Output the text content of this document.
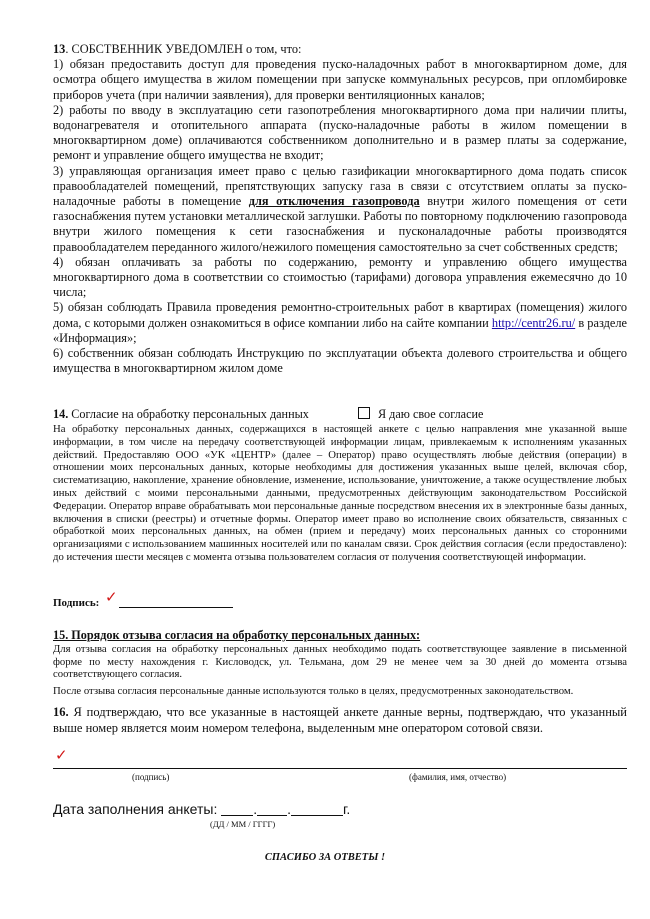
13. СОБСТВЕННИК УВЕДОМЛЕН о том, что:

1) обязан предоставить доступ для проведения пуско-наладочных работ в многоквартирном доме, для осмотра общего имущества в жилом помещении при запуске коммунальных ресурсов, при опломбировке приборов учета (при наличии заявления), для проверки вентиляционных каналов;

2) работы по вводу в эксплуатацию сети газопотребления многоквартирного дома при наличии плиты, водонагревателя и отопительного аппарата (пуско-наладочные работы в жилом помещении в многоквартирном доме) оплачиваются собственником дополнительно и в размер платы за содержание, ремонт и управление общего имущества не входит;

3) управляющая организация имеет право с целью газификации многоквартирного дома подать список правообладателей помещений, препятствующих запуску газа в связи с отсутствием оплаты за пуско-наладочные работы в помещение для отключения газопровода внутри жилого помещения от сети газоснабжения путем установки металлической заглушки. Работы по повторному подключению газопровода внутри жилого помещения к сети газоснабжения и пусконаладочные работы производятся правообладателем переданного жилого/нежилого помещения самостоятельно за счет собственных средств;

4) обязан оплачивать за работы по содержанию, ремонту и управлению общего имущества многоквартирного дома в соответствии со стоимостью (тарифами) договора управления ежемесячно до 10 числа;

5) обязан соблюдать Правила проведения ремонтно-строительных работ в квартирах (помещения) жилого дома, с которыми должен ознакомиться в офисе компании либо на сайте компании http://centr26.ru/ в разделе «Информация»;

6) собственник обязан соблюдать Инструкцию по эксплуатации объекта долевого строительства и общего имущества в многоквартирном жилом доме

14. Согласие на обработку персональных данных	Я даю свое согласие

На обработку персональных данных, содержащихся в настоящей анкете с целью направления мне указанной выше информации, в том числе на передачу соответствующей информации лицам, привлекаемым к исполнениям указанных действий. Предоставляю ООО «УК «ЦЕНТР» (далее – Оператор) право осуществлять любые действия (операции) в отношении моих персональных данных, которые необходимы для достижения указанных выше целей, включая сбор, систематизацию, накопление, хранение обновление, изменение, использование, уничтожение, а также осуществление любых иных действий с моими персональными данными, предусмотренных действующим законодательством Российской Федерации. Оператор вправе обрабатывать мои персональные данные посредством внесения их в электронные базы данных, включения в списки (реестры) и отчетные формы. Оператор имеет право во исполнение своих обязательств, связанных с обработкой моих персональных данных, на обмен (прием и передачу) моих персональных данных со сторонними организациями с использованием машинных носителей или по каналам связи. Срок действия согласия (если предоставлено): до истечения шести месяцев с момента отзыва пользователем согласия от получения соответствующей информации.

Подпись: ✓
15. Порядок отзыва согласия на обработку персональных данных:

Для отзыва согласия на обработку персональных данных необходимо подать соответствующее заявление в письменной форме по месту нахождения г. Кисловодск, ул. Тельмана, дом 29 не менее чем за 30 дней до момента отзыва соответствующего согласия.

После отзыва согласия персональные данные используются только в целях, предусмотренных законодательством.

16. Я подтверждаю, что все указанные в настоящей анкете данные верны, подтверждаю, что указанный выше номер является моим номером телефона, выделенным мне оператором сотовой связи.

✓
(подпись)	(фамилия, имя, отчество)
Дата заполнения анкеты:	. .	г.
(ДД / ММ / ГГГГ)
СПАСИБО ЗА ОТВЕТЫ !
